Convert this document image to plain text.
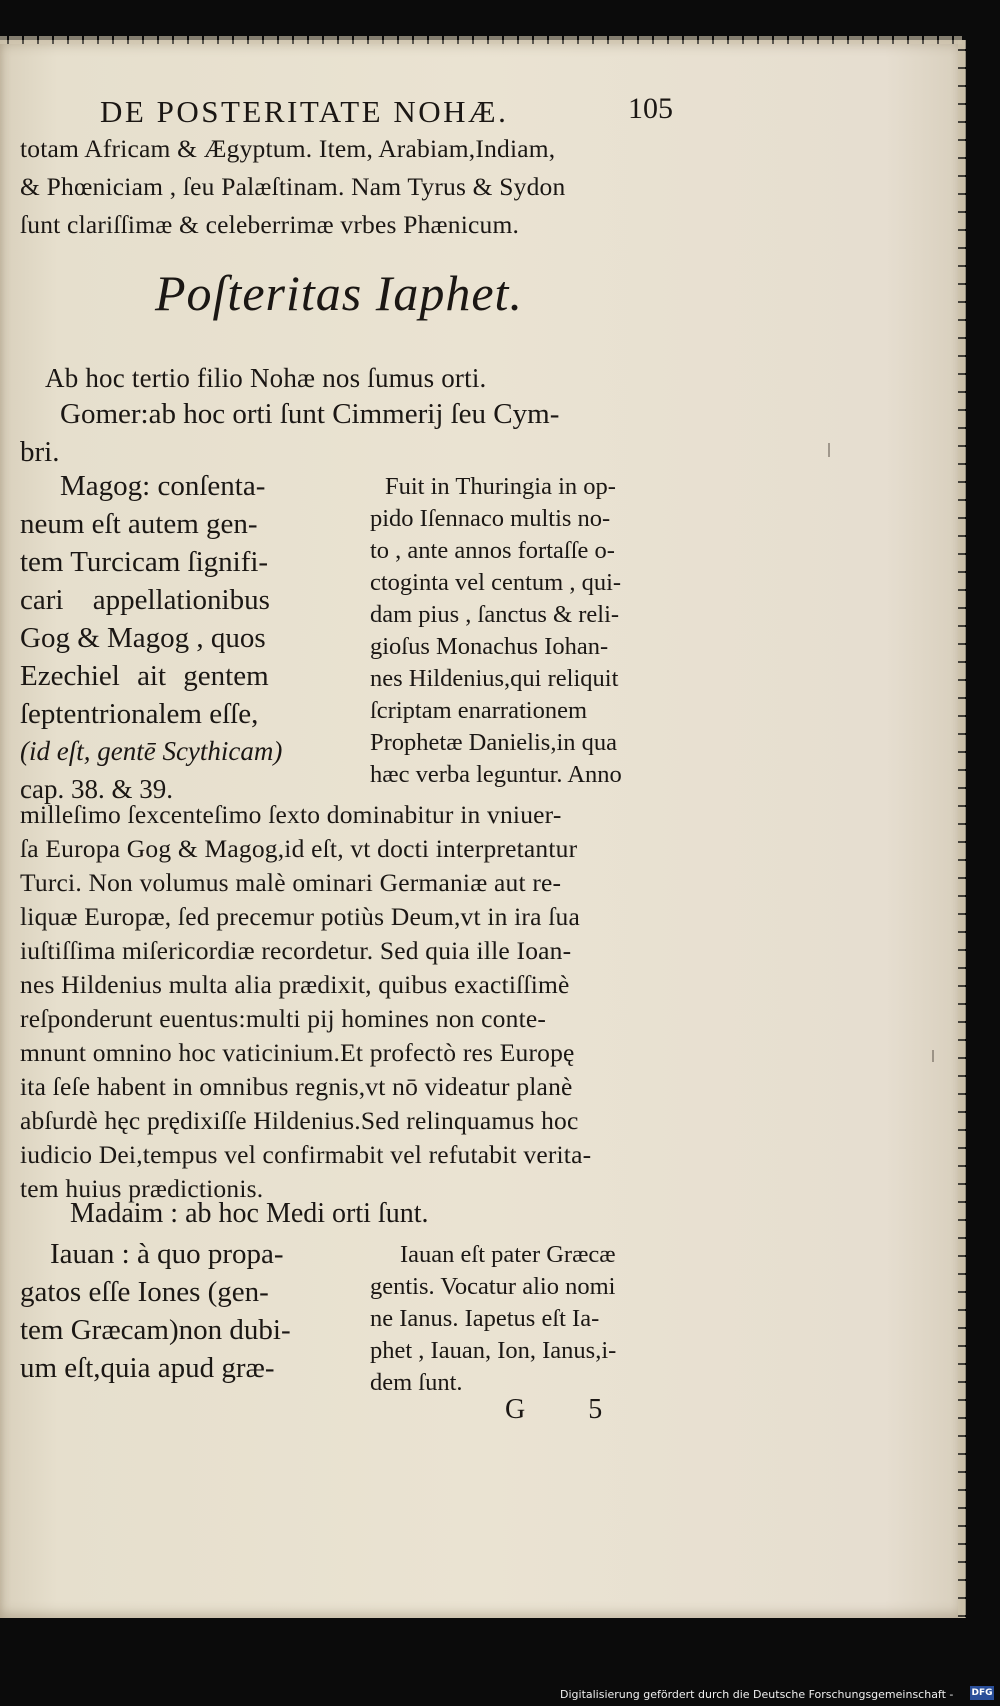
DE POSTERITATE NOHÆ.	105
totam Africam & Ægyptum. Item, Arabiam,Indiam,
& Phœniciam , ſeu Palæſtinam. Nam Tyrus & Sydon
ſunt clariſſimæ & celeberrimæ vrbes Phænicum.
Poſteritas Iaphet.
Ab hoc tertio filio Nohæ nos ſumus orti.
Gomer:ab hoc orti ſunt Cimmerij ſeu Cym-
bri.
Magog: conſenta-
neum eſt autem gen-
tem Turcicam ſignifi-
cari appellationibus
Gog & Magog , quos
Ezechiel ait gentem
ſeptentrionalem eſſe,
(id eſt, gentē Scythicam)
cap. 38. & 39.
Fuit in Thuringia in op-
pido Iſennaco multis no-
to , ante annos fortaſſe o-
ctoginta vel centum , qui-
dam pius , ſanctus & reli-
gioſus Monachus Iohan-
nes Hildenius,qui reliquit
ſcriptam enarrationem
Prophetæ Danielis,in qua
hæc verba leguntur. Anno
milleſimo ſexcenteſimo ſexto dominabitur in vniuer-
ſa Europa Gog & Magog,id eſt, vt docti interpretantur
Turci. Non volumus malè ominari Germaniæ aut re-
liquæ Europæ, ſed precemur potiùs Deum,vt in ira ſua
iuſtiſſima miſericordiæ recordetur. Sed quia ille Ioan-
nes Hildenius multa alia prædixit, quibus exactiſſimè
reſponderunt euentus:multi pij homines non conte-
mnunt omnino hoc vaticinium.Et profectò res Europę
ita ſeſe habent in omnibus regnis,vt nō videatur planè
abſurdè hęc prędixiſſe Hildenius.Sed relinquamus hoc
iudicio Dei,tempus vel confirmabit vel refutabit verita-
tem huius prædictionis.
Madaim : ab hoc Medi orti ſunt.
Iauan : à quo propa-
gatos eſſe Iones (gen-
tem Græcam)non dubi-
um eſt,quia apud græ-
Iauan eſt pater Græcæ
gentis. Vocatur alio nomi
ne Ianus. Iapetus eſt Ia-
phet , Iauan, Ion, Ianus,i-
dem ſunt.
G 5
Digitalisierung gefördert durch die Deutsche Forschungsgemeinschaft - DFG
